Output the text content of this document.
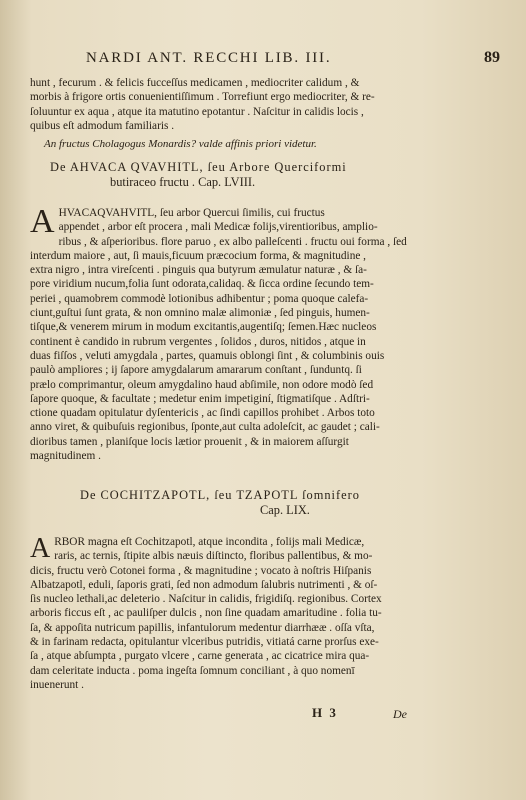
NARDI ANT. RECCHI LIB. III.	89
hunt , fecurum . & felicis fucceſſus medicamen , mediocriter calidum , &
morbis à frigore ortis conuenientiſſimum . Torrefiunt ergo mediocriter, & re-
ſoluuntur ex aqua , atque ita matutino epotantur . Naſcitur in calidis locis ,
quibus eſt admodum familiaris .
An fructus Cholagogus Monardis? valde affinis priori videtur.
De AHVACA QVAVHITL, ſeu Arbore Querciformi
butiraceo fructu . Cap. LVIII.
A HVACAQVAHVITL, ſeu arbor Quercui ſimilis, cui fructus
appendet , arbor eſt procera , mali Medicæ folijs,virentioribus, amplio-
ribus , & aſperioribus. flore paruo , ex albo palleſcenti . fructu oui forma , ſed
interdum maiore , aut, ſi mauis,ficuum præcocium forma, & magnitudine ,
extra nigro , intra vireſcenti . pinguis qua butyrum æmulatur naturæ , & ſa-
pore viridium nucum,folia ſunt odorata,calidaq. & ſicca ordine ſecundo tem-
periei , quamobrem commodè lotionibus adhibentur ; poma quoque calefa-
ciunt,guſtui ſunt grata, & non omnino malæ alimoniæ , ſed pinguis, humen-
tiſque,& venerem mirum in modum excitantis,augentiſq; ſemen.Hæc nucleos
continent è candido in rubrum vergentes , ſolidos , duros, nitidos , atque in
duas fiſſos , veluti amygdala , partes, quamuis oblongi ſint , & columbinis ouis
paulò ampliores ; ij ſapore amygdalarum amararum conſtant , ſunduntq. ſi
prælo comprimantur, oleum amygdalino haud abſimile, non odore modò ſed
ſapore quoque, & facultate ; medetur enim impetiginí, ſtigmatiſque . Adſtri-
ctione quadam opitulatur dyſentericis , ac ſindi capillos prohibet . Arbos toto
anno viret, & quibuſuis regionibus, ſponte,aut culta adoleſcit, ac gaudet ; cali-
dioribus tamen , planiſque locis lætior prouenit , & in maiorem aſſurgit
magnitudinem .
De COCHITZAPOTL, ſeu TZAPOTL ſomnifero
Cap. LIX.
A RBOR magna eſt Cochitzapotl, atque incondita , folijs mali Medicæ,
raris, ac ternis, ſtipite albis næuis diſtincto, floribus pallentibus, & mo-
dicis, fructu verò Cotonei forma , & magnitudine ; vocato à noſtris Hiſpanis
Albatzapotl, eduli, ſaporis grati, ſed non admodum ſalubris nutrimenti , & oſ-
ſis nucleo lethali,ac deleterio . Naſcitur in calidis, frigidiſq. regionibus. Cortex
arboris ficcus eſt , ac pauliſper dulcis , non ſine quadam amaritudine . folia tu-
ſa, & appoſita nutricum papillis, infantulorum medentur diarrhææ . oſſa vſta,
& in farinam redacta, opitulantur vlceribus putridis, vitiatá carne prorſus exe-
ſa , atque abſumpta , purgato vlcere , carne generata , ac cicatrice mira qua-
dam celeritate inducta . poma ingeſta ſomnum conciliant , à quo nomenī
inuenerunt .
H 3	De
